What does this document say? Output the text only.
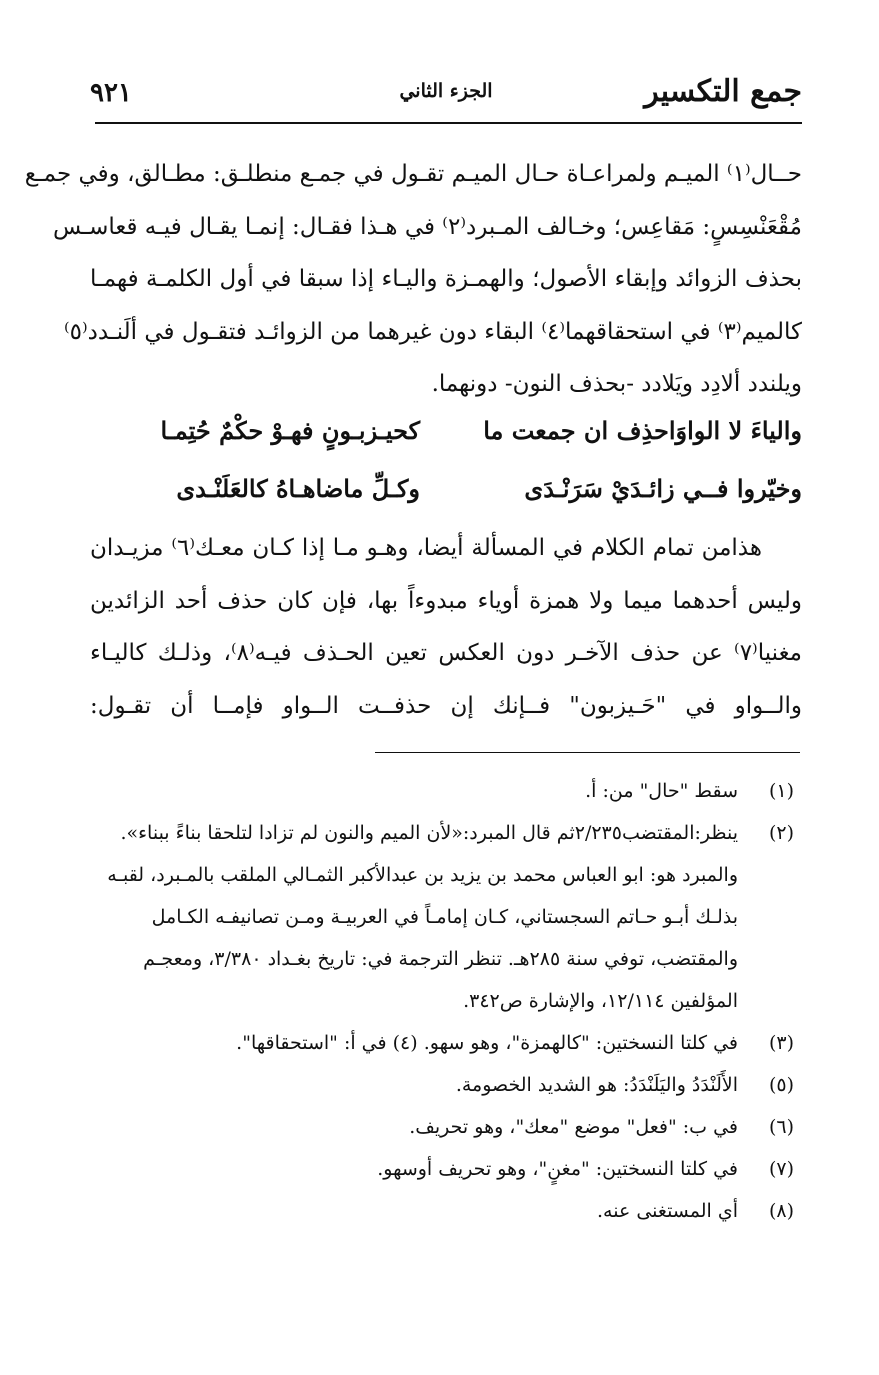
جمع التكسير
الجزء الثاني
٩٢١
حــال⁽١⁾ الميـم ولمراعـاة حـال الميـم تقـول في جمـع منطلـق: مطـالق، وفي جمـع
مُقْعَنْسِسٍ: مَقاعِس؛ وخـالف المـبرد⁽٢⁾ في هـذا فقـال: إنمـا يقـال فيـه قعاسـس
بحذف الزوائد وإبقاء الأصول؛ والهمـزة واليـاء إذا سبقا في أول الكلمـة فهمـا
كالميم⁽٣⁾ في استحقاقهما⁽٤⁾ البقاء دون غيرهما من الزوائـد فتقـول في ألَنـدد⁽٥⁾
ويلندد ألادِد ويَلادد -بحذف النون- دونهما.
والياءَ لا الواوَاحذِف ان جمعت ما
كحيـزبـونٍ فهـوْ حكْمٌ حُتِمـا
وخيّروا فــي زائـدَيْ سَرَنْـدَى
وكـلِّ ماضاهـاهُ كالعَلَنْـدى
هذامن تمام الكلام في المسألة أيضا، وهـو مـا إذا كـان معـك⁽٦⁾ مزيـدان
وليس أحدهما ميما ولا همزة أوياء مبدوءاً بها، فإن كان حذف أحد الزائدين
مغنيا⁽٧⁾ عن حذف الآخـر دون العكس تعين الحـذف فيـه⁽٨⁾، وذلـك كاليـاء
والــواو في "حَـيزبون" فــإنك إن حذفــت الــواو فإمــا أن تقـول:
(١)
سقط "حال" من: أ.
(٢)
ينظر:المقتضب٢/٢٣٥ثم قال المبرد:«لأن الميم والنون لم تزادا لتلحقا بناءً ببناء».
والمبرد هو: ابو العباس محمد بن يزيد بن عبدالأكبر الثمـالي الملقب بالمـبرد، لقبـه
بذلـك أبـو حـاتم السجستاني، كـان إمامـاً في العربيـة ومـن تصانيفـه الكـامل
والمقتضب، توفي سنة ٢٨٥هـ. تنظر الترجمة في: تاريخ بغـداد ٣/٣٨٠، ومعجـم
المؤلفين ١٢/١١٤، والإشارة ص٣٤٢.
(٣)
في كلتا النسختين: "كالهمزة"، وهو سهو. (٤) في أ: "استحقاقها".
(٥)
الأَلَنْدَدُ واليَلَنْدَدُ: هو الشديد الخصومة.
(٦)
في ب: "فعل" موضع "معك"، وهو تحريف.
(٧)
في كلتا النسختين: "مغنٍ"، وهو تحريف أوسهو.
(٨)
أي المستغنى عنه.
